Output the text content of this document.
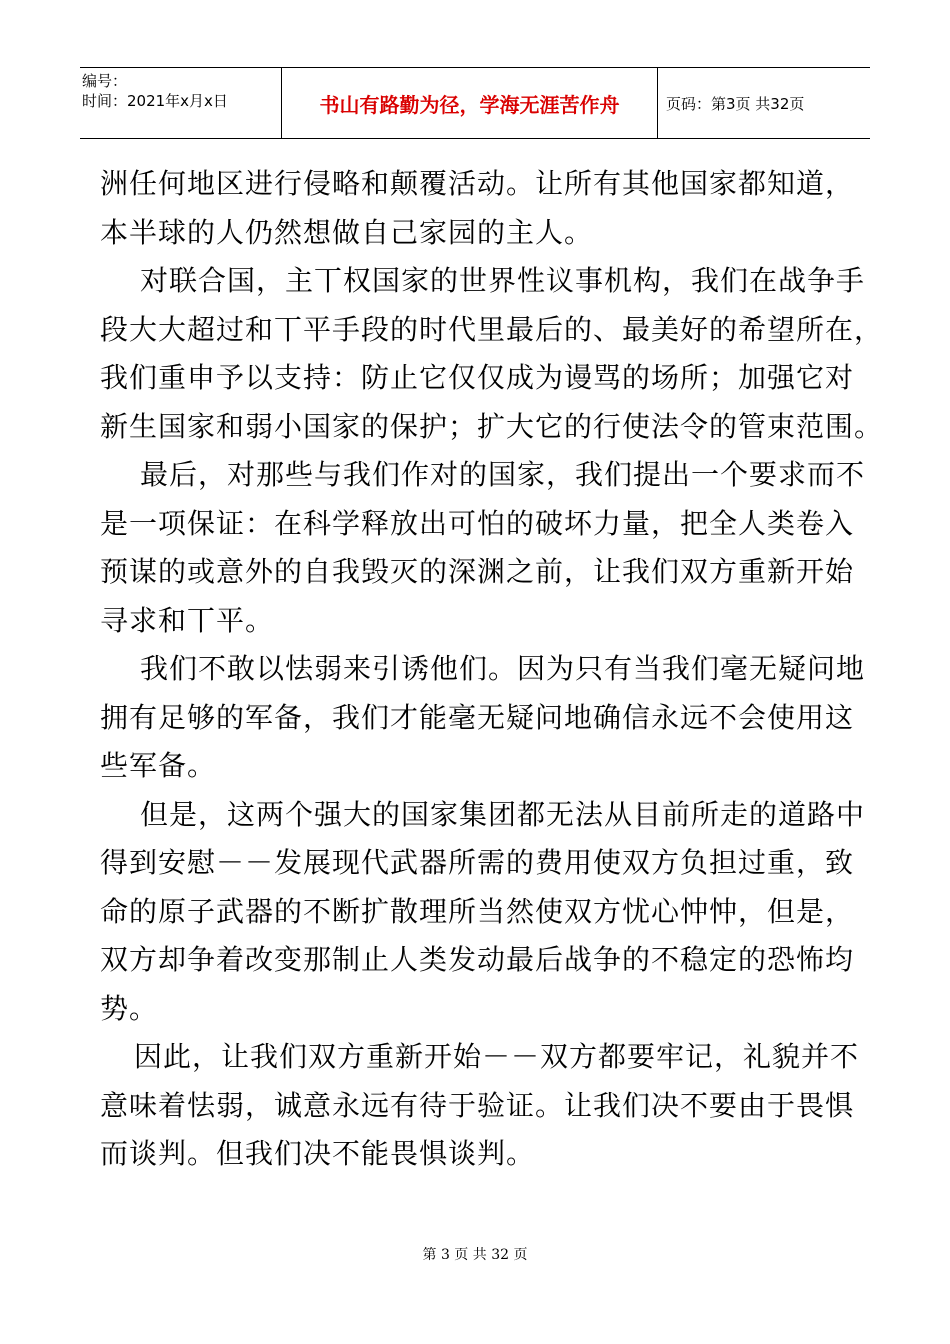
编号：
时间：2021年x月x日	书山有路勤为径，学海无涯苦作舟	页码：第3页 共32页
洲任何地区进行侵略和颠覆活动。让所有其他国家都知道，
本半球的人仍然想做自己家园的主人。
对联合国，主丅权国家的世界性议事机构，我们在战争手
段大大超过和丅平手段的时代里最后的、最美好的希望所在，
我们重申予以支持：防止它仅仅成为谩骂的场所；加强它对
新生国家和弱小国家的保护；扩大它的行使法令的管束范围。
最后，对那些与我们作对的国家，我们提出一个要求而不
是一项保证：在科学释放出可怕的破坏力量，把全人类卷入
预谋的或意外的自我毁灭的深渊之前，让我们双方重新开始
寻求和丅平。
我们不敢以怯弱来引诱他们。因为只有当我们毫无疑问地
拥有足够的军备，我们才能毫无疑问地确信永远不会使用这
些军备。
但是，这两个强大的国家集团都无法从目前所走的道路中
得到安慰－－发展现代武器所需的费用使双方负担过重，致
命的原子武器的不断扩散理所当然使双方忧心忡忡，但是，
双方却争着改变那制止人类发动最后战争的不稳定的恐怖均
势。
因此，让我们双方重新开始－－双方都要牢记，礼貌并不
意味着怯弱，诚意永远有待于验证。让我们决不要由于畏惧
而谈判。但我们决不能畏惧谈判。
第 3 页 共 32 页
